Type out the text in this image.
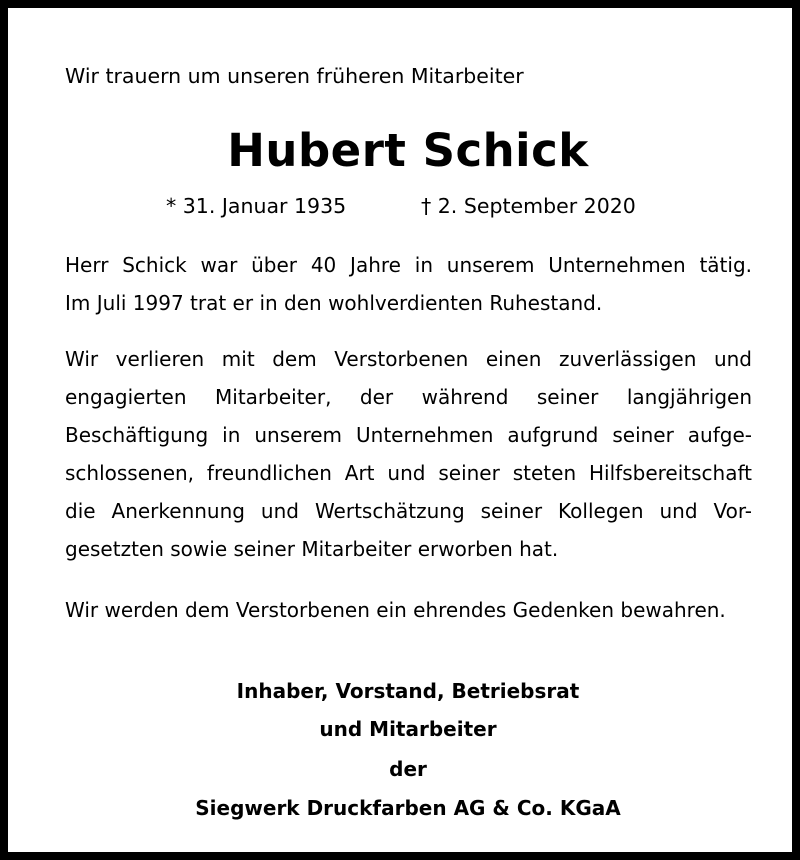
Wir trauern um unseren früheren Mitarbeiter

Hubert Schick

* 31. Januar 1935	† 2. September 2020

Herr Schick war über 40 Jahre in unserem Unternehmen tätig.
Im Juli 1997 trat er in den wohlverdienten Ruhestand.
Wir verlieren mit dem Verstorbenen einen zuverlässigen und
engagierten Mitarbeiter, der während seiner langjährigen
Beschäftigung in unserem Unternehmen aufgrund seiner aufge-
schlossenen, freundlichen Art und seiner steten Hilfsbereitschaft
die Anerkennung und Wertschätzung seiner Kollegen und Vor-
gesetzten sowie seiner Mitarbeiter erworben hat.
Wir werden dem Verstorbenen ein ehrendes Gedenken bewahren.
Inhaber, Vorstand, Betriebsrat
und Mitarbeiter
der
Siegwerk Druckfarben AG & Co. KGaA
